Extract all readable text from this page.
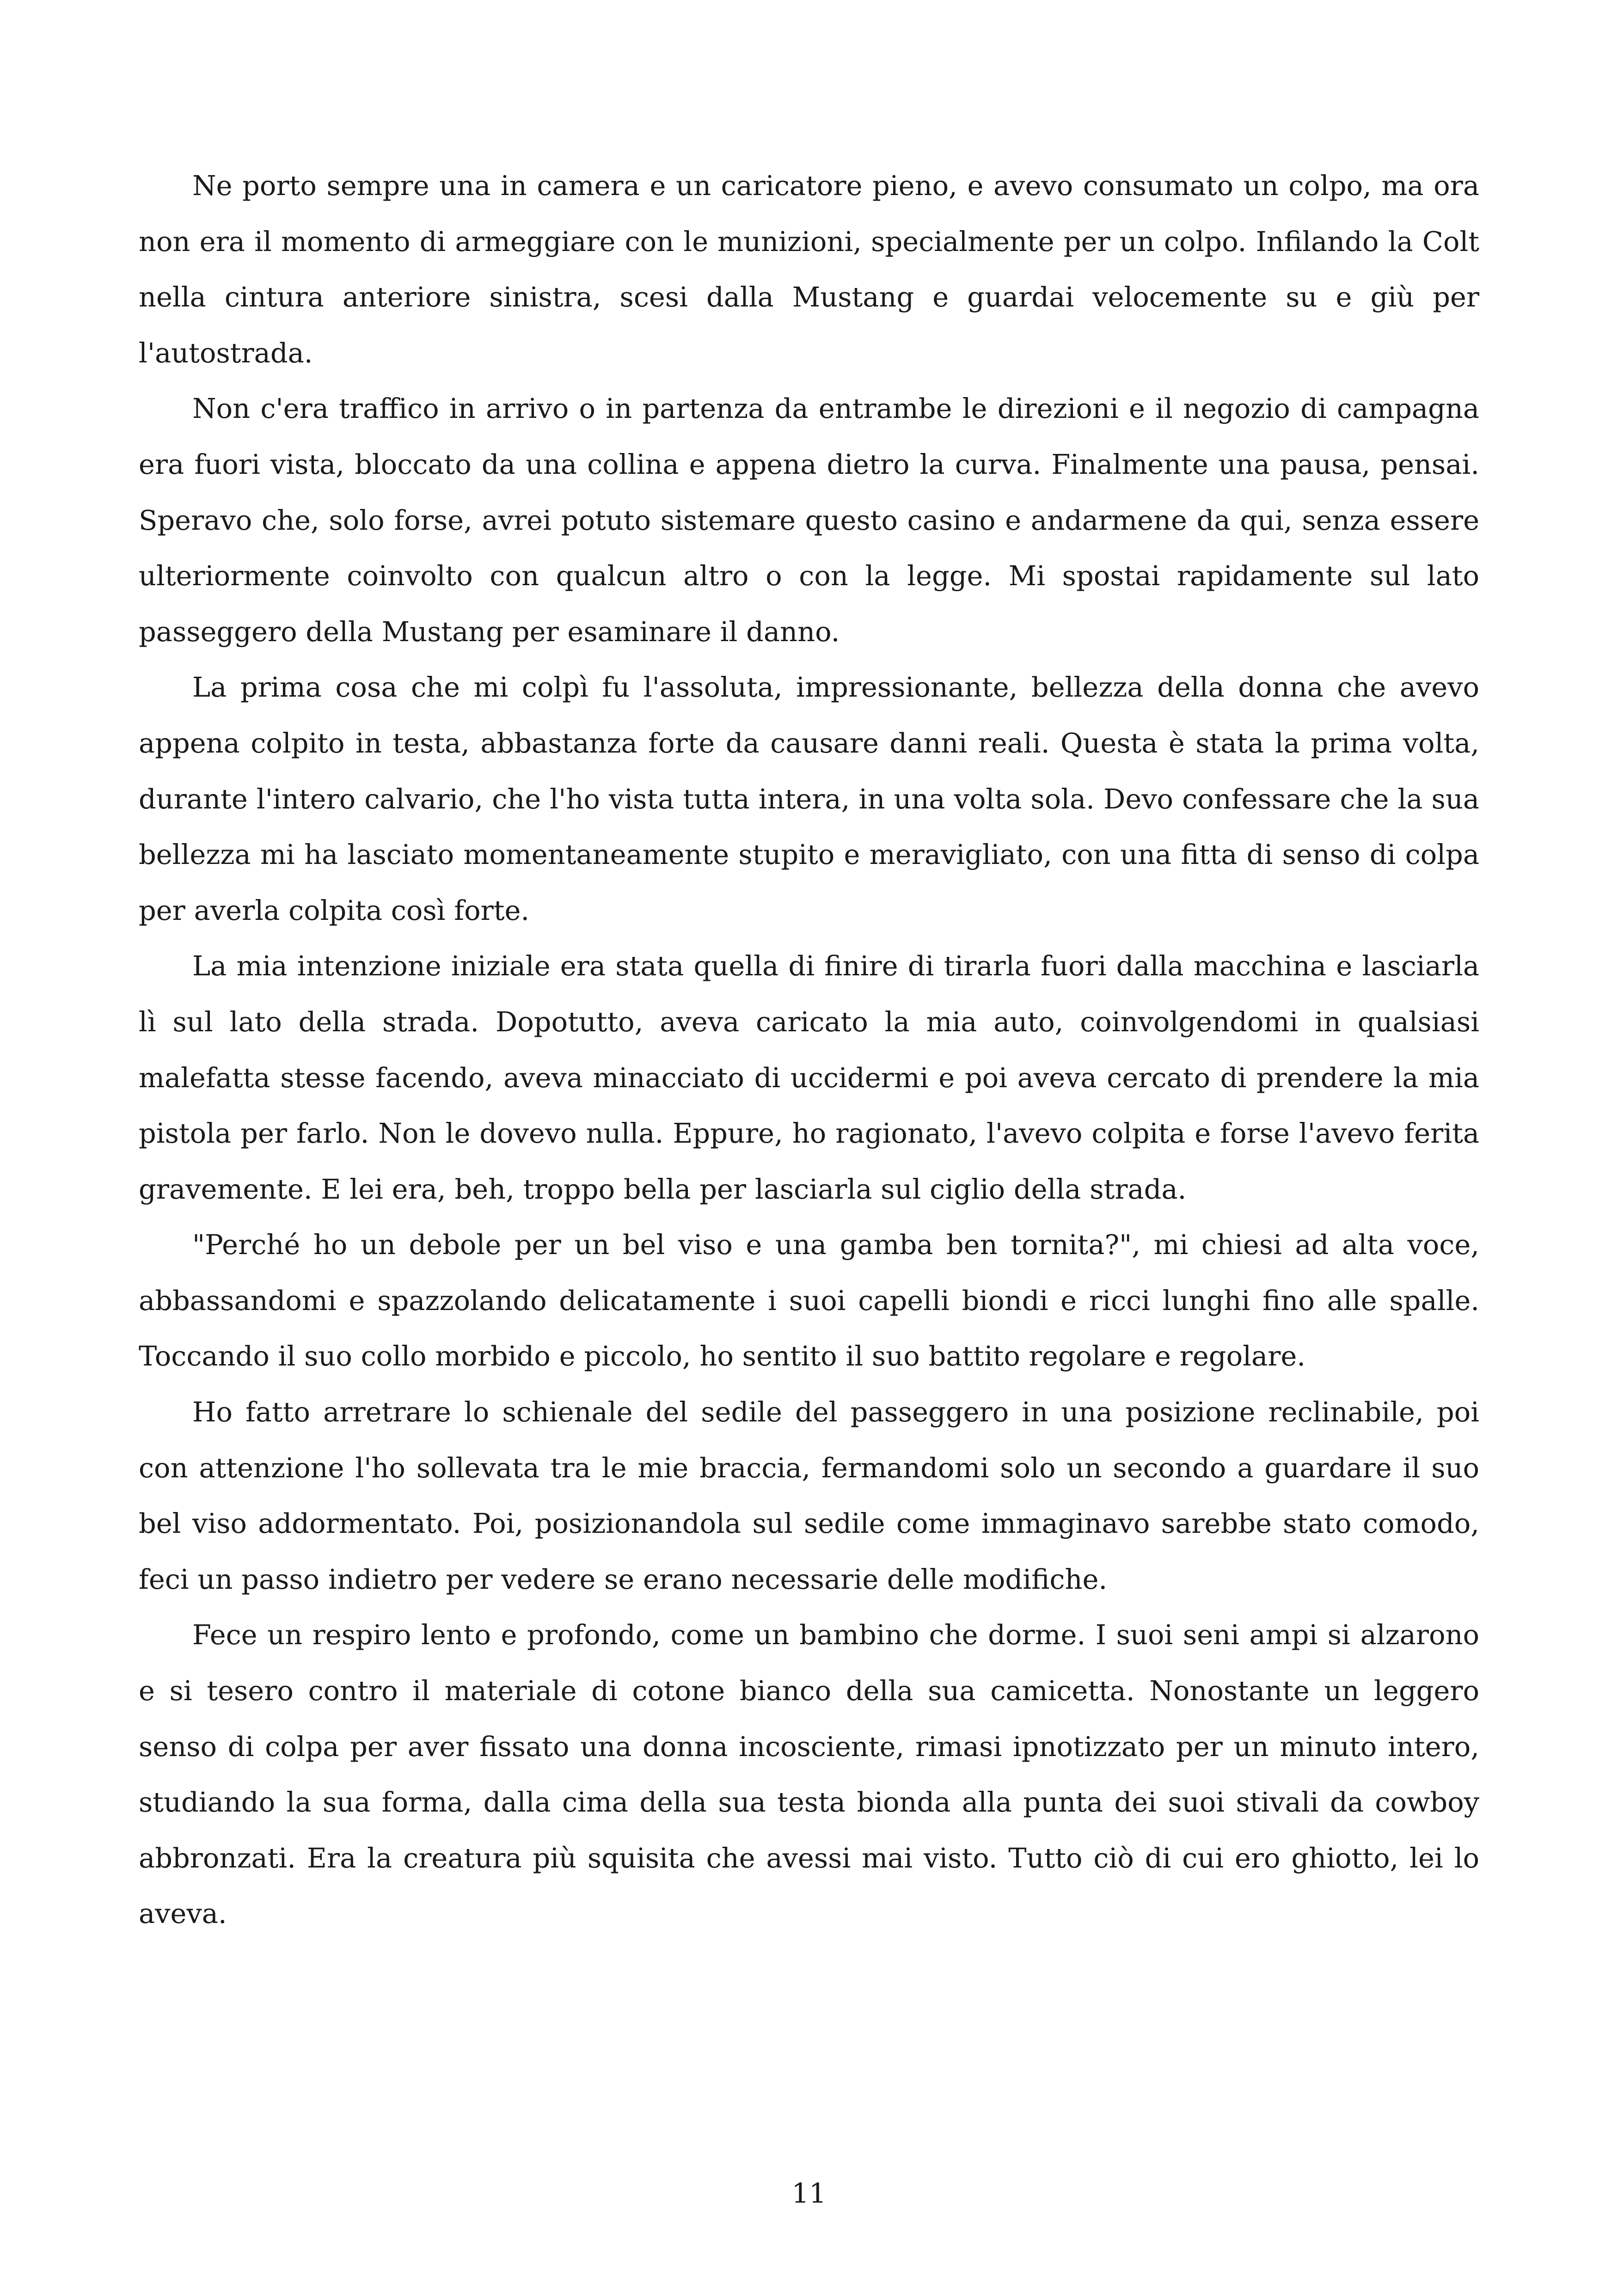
Ne porto sempre una in camera e un caricatore pieno, e avevo consumato un colpo, ma ora non era il momento di armeggiare con le munizioni, specialmente per un colpo. Infilando la Colt nella cintura anteriore sinistra, scesi dalla Mustang e guardai velocemente su e giù per l'autostrada.

Non c'era traffico in arrivo o in partenza da entrambe le direzioni e il negozio di campagna era fuori vista, bloccato da una collina e appena dietro la curva. Finalmente una pausa, pensai. Speravo che, solo forse, avrei potuto sistemare questo casino e andarmene da qui, senza essere ulteriormente coinvolto con qualcun altro o con la legge. Mi spostai rapidamente sul lato passeggero della Mustang per esaminare il danno.

La prima cosa che mi colpì fu l'assoluta, impressionante, bellezza della donna che avevo appena colpito in testa, abbastanza forte da causare danni reali. Questa è stata la prima volta, durante l'intero calvario, che l'ho vista tutta intera, in una volta sola. Devo confessare che la sua bellezza mi ha lasciato momentaneamente stupito e meravigliato, con una fitta di senso di colpa per averla colpita così forte.

La mia intenzione iniziale era stata quella di finire di tirarla fuori dalla macchina e lasciarla lì sul lato della strada. Dopotutto, aveva caricato la mia auto, coinvolgendomi in qualsiasi malefatta stesse facendo, aveva minacciato di uccidermi e poi aveva cercato di prendere la mia pistola per farlo. Non le dovevo nulla. Eppure, ho ragionato, l'avevo colpita e forse l'avevo ferita gravemente. E lei era, beh, troppo bella per lasciarla sul ciglio della strada.

"Perché ho un debole per un bel viso e una gamba ben tornita?", mi chiesi ad alta voce, abbassandomi e spazzolando delicatamente i suoi capelli biondi e ricci lunghi fino alle spalle. Toccando il suo collo morbido e piccolo, ho sentito il suo battito regolare e regolare.

Ho fatto arretrare lo schienale del sedile del passeggero in una posizione reclinabile, poi con attenzione l'ho sollevata tra le mie braccia, fermandomi solo un secondo a guardare il suo bel viso addormentato. Poi, posizionandola sul sedile come immaginavo sarebbe stato comodo, feci un passo indietro per vedere se erano necessarie delle modifiche.

Fece un respiro lento e profondo, come un bambino che dorme. I suoi seni ampi si alzarono e si tesero contro il materiale di cotone bianco della sua camicetta. Nonostante un leggero senso di colpa per aver fissato una donna incosciente, rimasi ipnotizzato per un minuto intero, studiando la sua forma, dalla cima della sua testa bionda alla punta dei suoi stivali da cowboy abbronzati. Era la creatura più squisita che avessi mai visto. Tutto ciò di cui ero ghiotto, lei lo aveva.

11
